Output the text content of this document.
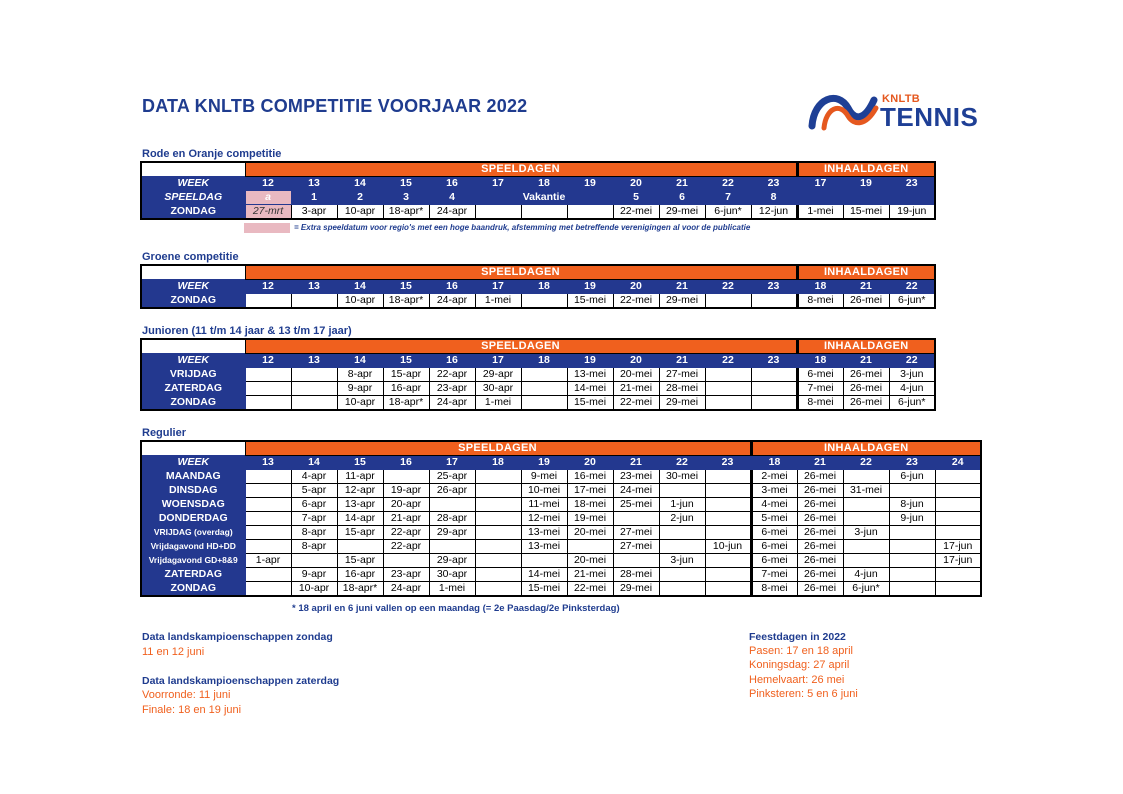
DATA KNLTB COMPETITIE VOORJAAR 2022	KNLTB
TENNIS
Rode en Oranje competitie
	SPEELDAGEN												INHAALDAGEN		
WEEK	12	13	14	15	16	17	18	19	20	21	22	23	17	19	23
SPEELDAG	a	1	2	3	4		Vakantie		5	6	7	8			
ZONDAG	27-mrt	3-apr	10-apr	18-apr*	24-apr				22-mei	29-mei	6-jun*	12-jun	1-mei	15-mei	19-jun
= Extra speeldatum voor regio's met een hoge baandruk, afstemming met betreffende verenigingen al voor de publicatie
Groene competitie
	SPEELDAGEN												INHAALDAGEN		
WEEK	12	13	14	15	16	17	18	19	20	21	22	23	18	21	22
ZONDAG			10-apr	18-apr*	24-apr	1-mei		15-mei	22-mei	29-mei			8-mei	26-mei	6-jun*
Junioren (11 t/m 14 jaar & 13 t/m 17 jaar)
	SPEELDAGEN												INHAALDAGEN		
WEEK	12	13	14	15	16	17	18	19	20	21	22	23	18	21	22
VRIJDAG			8-apr	15-apr	22-apr	29-apr		13-mei	20-mei	27-mei			6-mei	26-mei	3-jun
ZATERDAG			9-apr	16-apr	23-apr	30-apr		14-mei	21-mei	28-mei			7-mei	26-mei	4-jun
ZONDAG			10-apr	18-apr*	24-apr	1-mei		15-mei	22-mei	29-mei			8-mei	26-mei	6-jun*
Regulier
	SPEELDAGEN											INHAALDAGEN				
WEEK	13	14	15	16	17	18	19	20	21	22	23	18	21	22	23	24
MAANDAG		4-apr	11-apr		25-apr		9-mei	16-mei	23-mei	30-mei		2-mei	26-mei		6-jun	
DINSDAG		5-apr	12-apr	19-apr	26-apr		10-mei	17-mei	24-mei			3-mei	26-mei	31-mei		
WOENSDAG		6-apr	13-apr	20-apr			11-mei	18-mei	25-mei	1-jun		4-mei	26-mei		8-jun	
DONDERDAG		7-apr	14-apr	21-apr	28-apr		12-mei	19-mei		2-jun		5-mei	26-mei		9-jun	
VRIJDAG (overdag)		8-apr	15-apr	22-apr	29-apr		13-mei	20-mei	27-mei			6-mei	26-mei	3-jun		
Vrijdagavond HD+DD		8-apr		22-apr			13-mei		27-mei		10-jun	6-mei	26-mei			17-jun
Vrijdagavond GD+8&9	1-apr		15-apr		29-apr			20-mei		3-jun		6-mei	26-mei			17-jun
ZATERDAG		9-apr	16-apr	23-apr	30-apr		14-mei	21-mei	28-mei			7-mei	26-mei	4-jun		
ZONDAG		10-apr	18-apr*	24-apr	1-mei		15-mei	22-mei	29-mei			8-mei	26-mei	6-jun*		
* 18 april en 6 juni vallen op een maandag (= 2e Paasdag/2e Pinksterdag)
Data landskampioenschappen zondag
11 en 12 juni
Data landskampioenschappen zaterdag
Voorronde: 11 juni
Finale: 18 en 19 juni
Feestdagen in 2022
Pasen: 17 en 18 april
Koningsdag: 27 april
Hemelvaart: 26 mei
Pinksteren: 5 en 6 juni
